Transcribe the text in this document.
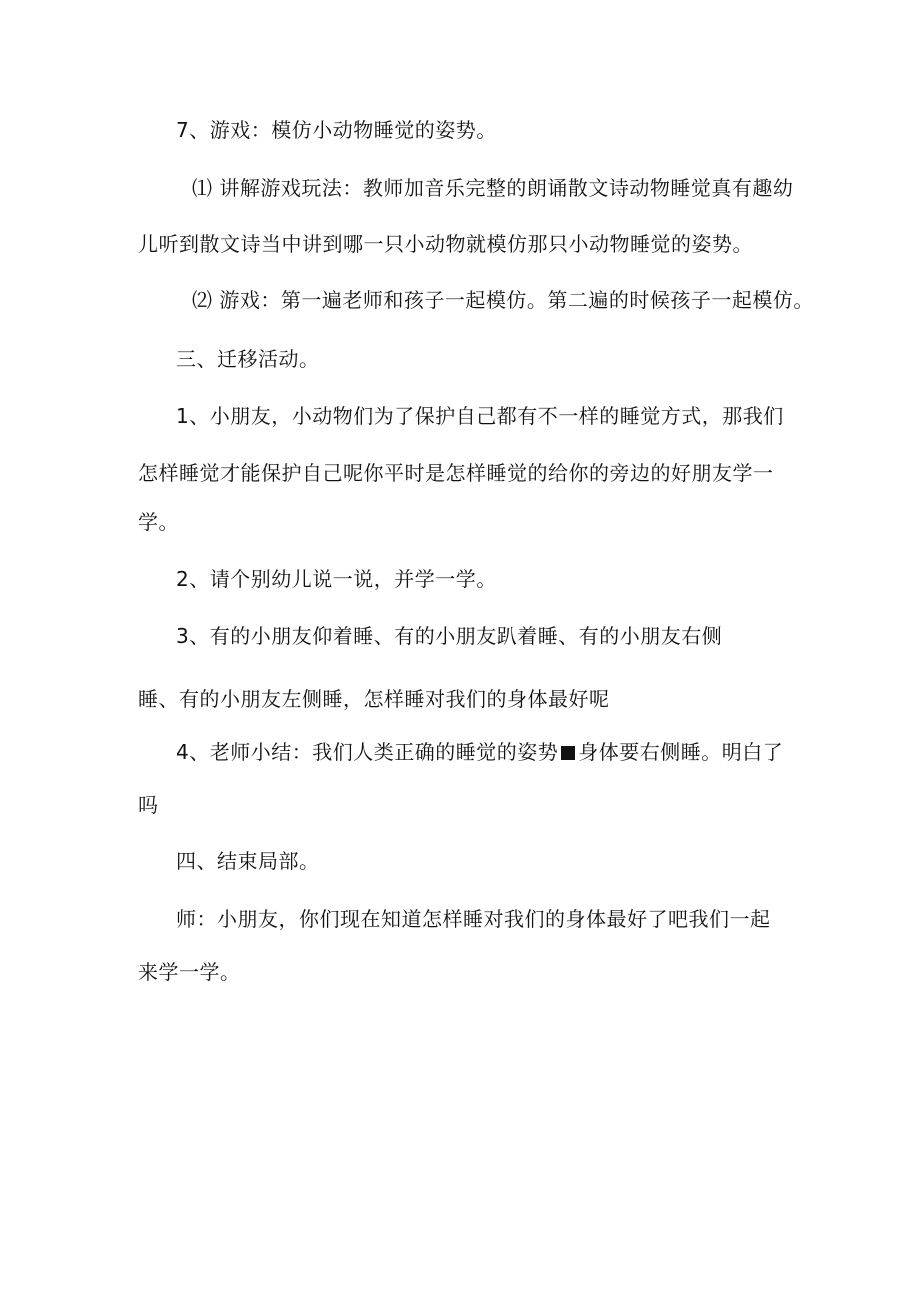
7、游戏：模仿小动物睡觉的姿势。

⑴ 讲解游戏玩法：教师加音乐完整的朗诵散文诗动物睡觉真有趣幼

儿听到散文诗当中讲到哪一只小动物就模仿那只小动物睡觉的姿势。

⑵ 游戏：第一遍老师和孩子一起模仿。第二遍的时候孩子一起模仿。

三、迁移活动。

1、小朋友，小动物们为了保护自己都有不一样的睡觉方式，那我们

怎样睡觉才能保护自己呢你平时是怎样睡觉的给你的旁边的好朋友学一

学。

2、请个别幼儿说一说，并学一学。

3、有的小朋友仰着睡、有的小朋友趴着睡、有的小朋友右侧

睡、有的小朋友左侧睡，怎样睡对我们的身体最好呢

4、老师小结：我们人类正确的睡觉的姿势 身体要右侧睡。明白了

吗

四、结束局部。

师：小朋友，你们现在知道怎样睡对我们的身体最好了吧我们一起

来学一学。
